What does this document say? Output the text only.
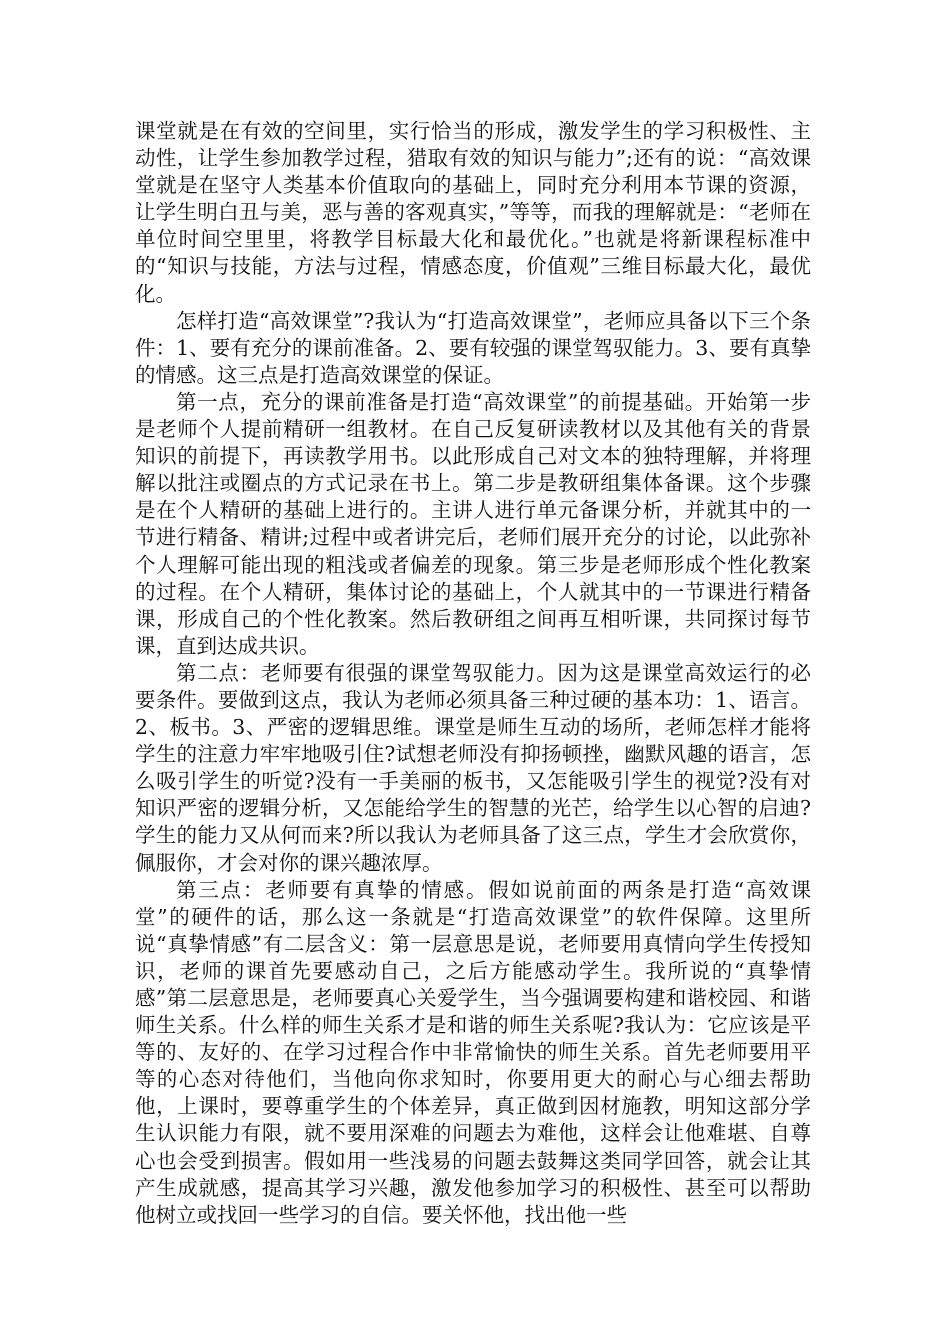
课堂就是在有效的空间里，实行恰当的形成，激发学生的学习积极性、主动性，让学生参加教学过程，猎取有效的知识与能力”;还有的说：“高效课堂就是在坚守人类基本价值取向的基础上，同时充分利用本节课的资源，让学生明白丑与美，恶与善的客观真实，”等等，而我的理解就是：“老师在单位时间空里里，将教学目标最大化和最优化。”也就是将新课程标准中的“知识与技能，方法与过程，情感态度，价值观”三维目标最大化，最优化。

怎样打造“高效课堂”?我认为“打造高效课堂”，老师应具备以下三个条件：1、要有充分的课前准备。2、要有较强的课堂驾驭能力。3、要有真挚的情感。这三点是打造高效课堂的保证。

第一点，充分的课前准备是打造“高效课堂”的前提基础。开始第一步是老师个人提前精研一组教材。在自己反复研读教材以及其他有关的背景知识的前提下，再读教学用书。以此形成自己对文本的独特理解，并将理解以批注或圈点的方式记录在书上。第二步是教研组集体备课。这个步骤是在个人精研的基础上进行的。主讲人进行单元备课分析，并就其中的一节进行精备、精讲;过程中或者讲完后，老师们展开充分的讨论，以此弥补个人理解可能出现的粗浅或者偏差的现象。第三步是老师形成个性化教案的过程。在个人精研，集体讨论的基础上，个人就其中的一节课进行精备课，形成自己的个性化教案。然后教研组之间再互相听课，共同探讨每节课，直到达成共识。

第二点：老师要有很强的课堂驾驭能力。因为这是课堂高效运行的必要条件。要做到这点，我认为老师必须具备三种过硬的基本功：1、语言。2、板书。3、严密的逻辑思维。课堂是师生互动的场所，老师怎样才能将学生的注意力牢牢地吸引住?试想老师没有抑扬顿挫，幽默风趣的语言，怎么吸引学生的听觉?没有一手美丽的板书，又怎能吸引学生的视觉?没有对知识严密的逻辑分析，又怎能给学生的智慧的光芒，给学生以心智的启迪?学生的能力又从何而来?所以我认为老师具备了这三点，学生才会欣赏你，佩服你，才会对你的课兴趣浓厚。

第三点：老师要有真挚的情感。假如说前面的两条是打造“高效课堂”的硬件的话，那么这一条就是“打造高效课堂”的软件保障。这里所说“真挚情感”有二层含义：第一层意思是说，老师要用真情向学生传授知识，老师的课首先要感动自己，之后方能感动学生。我所说的“真挚情感”第二层意思是，老师要真心关爱学生，当今强调要构建和谐校园、和谐师生关系。什么样的师生关系才是和谐的师生关系呢?我认为：它应该是平等的、友好的、在学习过程合作中非常愉快的师生关系。首先老师要用平等的心态对待他们，当他向你求知时，你要用更大的耐心与心细去帮助他，上课时，要尊重学生的个体差异，真正做到因材施教，明知这部分学生认识能力有限，就不要用深难的问题去为难他，这样会让他难堪、自尊心也会受到损害。假如用一些浅易的问题去鼓舞这类同学回答，就会让其产生成就感，提高其学习兴趣，激发他参加学习的积极性、甚至可以帮助他树立或找回一些学习的自信。要关怀他，找出他一些
